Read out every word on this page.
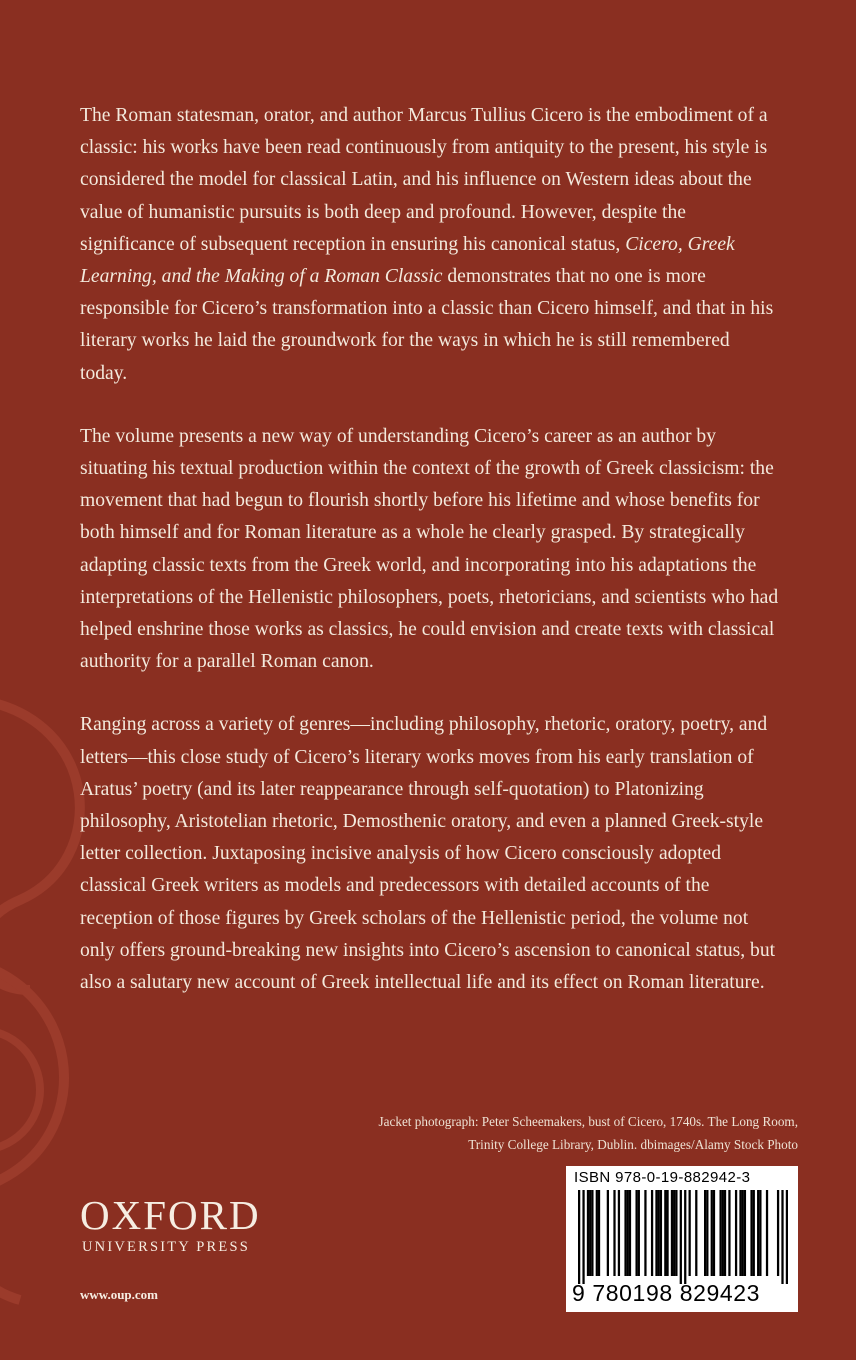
The Roman statesman, orator, and author Marcus Tullius Cicero is the embodiment of a classic: his works have been read continuously from antiquity to the present, his style is considered the model for classical Latin, and his influence on Western ideas about the value of humanistic pursuits is both deep and profound. However, despite the significance of subsequent reception in ensuring his canonical status, Cicero, Greek Learning, and the Making of a Roman Classic demonstrates that no one is more responsible for Cicero’s transformation into a classic than Cicero himself, and that in his literary works he laid the groundwork for the ways in which he is still remembered today.

The volume presents a new way of understanding Cicero’s career as an author by situating his textual production within the context of the growth of Greek classicism: the movement that had begun to flourish shortly before his lifetime and whose benefits for both himself and for Roman literature as a whole he clearly grasped. By strategically adapting classic texts from the Greek world, and incorporating into his adaptations the interpretations of the Hellenistic philosophers, poets, rhetoricians, and scientists who had helped enshrine those works as classics, he could envision and create texts with classical authority for a parallel Roman canon.

Ranging across a variety of genres—including philosophy, rhetoric, oratory, poetry, and letters—this close study of Cicero’s literary works moves from his early translation of Aratus’ poetry (and its later reappearance through self-quotation) to Platonizing philosophy, Aristotelian rhetoric, Demosthenic oratory, and even a planned Greek-style letter collection. Juxtaposing incisive analysis of how Cicero consciously adopted classical Greek writers as models and predecessors with detailed accounts of the reception of those figures by Greek scholars of the Hellenistic period, the volume not only offers ground-breaking new insights into Cicero’s ascension to canonical status, but also a salutary new account of Greek intellectual life and its effect on Roman literature.

Jacket photograph: Peter Scheemakers, bust of Cicero, 1740s. The Long Room,
Trinity College Library, Dublin. dbimages/Alamy Stock Photo
OXFORD
UNIVERSITY PRESS
www.oup.com
ISBN 978-0-19-882942-3
9 780198 829423
